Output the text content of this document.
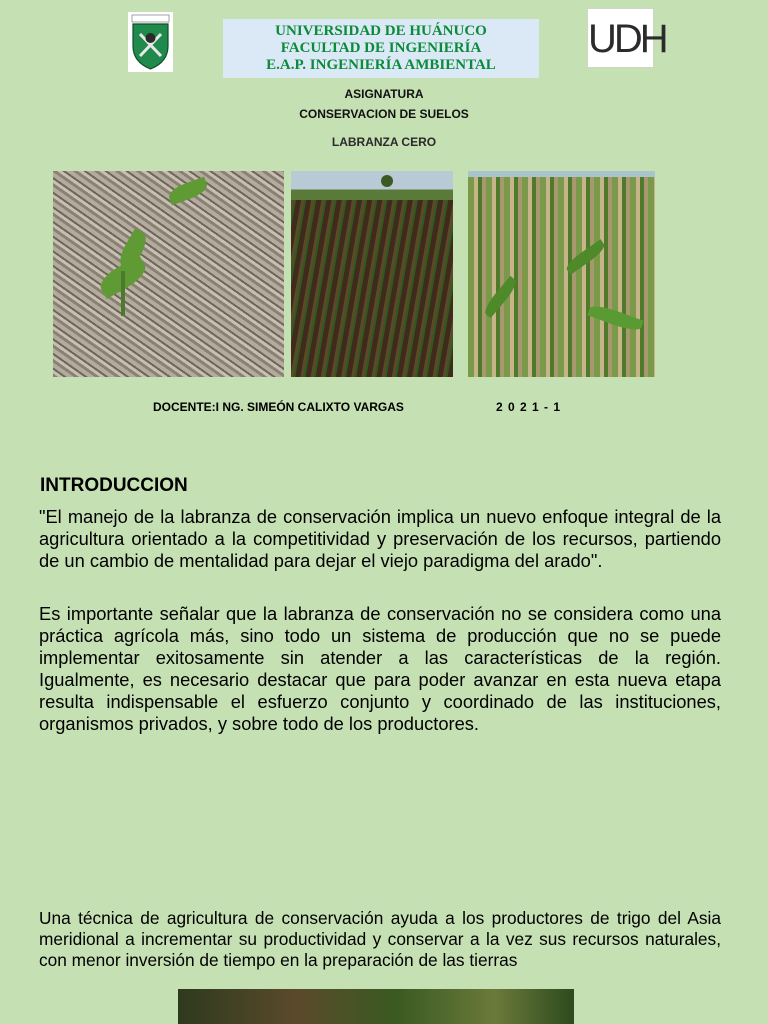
UNIVERSIDAD DE HUÁNUCO
FACULTAD DE INGENIERÍA
E.A.P. INGENIERÍA AMBIENTAL
UDH
ASIGNATURA
CONSERVACION DE SUELOS
LABRANZA CERO
DOCENTE:I NG. SIMEÓN CALIXTO VARGAS	2 0 2 1 - 1
INTRODUCCION
"El manejo de la labranza de conservación implica un nuevo enfoque integral de la agricultura orientado a la competitividad y preservación de los recursos, partiendo de un cambio de mentalidad para dejar el viejo paradigma del arado".
Es importante señalar que la labranza de conservación no se considera como una práctica agrícola más, sino todo un sistema de producción que no se puede implementar exitosamente sin atender a las características de la región. Igualmente, es necesario destacar que para poder avanzar en esta nueva etapa resulta indispensable el esfuerzo conjunto y coordinado de las instituciones, organismos privados, y sobre todo de los productores.
Una técnica de agricultura de conservación ayuda a los productores de trigo del Asia meridional a incrementar su productividad y conservar a la vez sus recursos naturales, con menor inversión de tiempo en la preparación de las tierras
